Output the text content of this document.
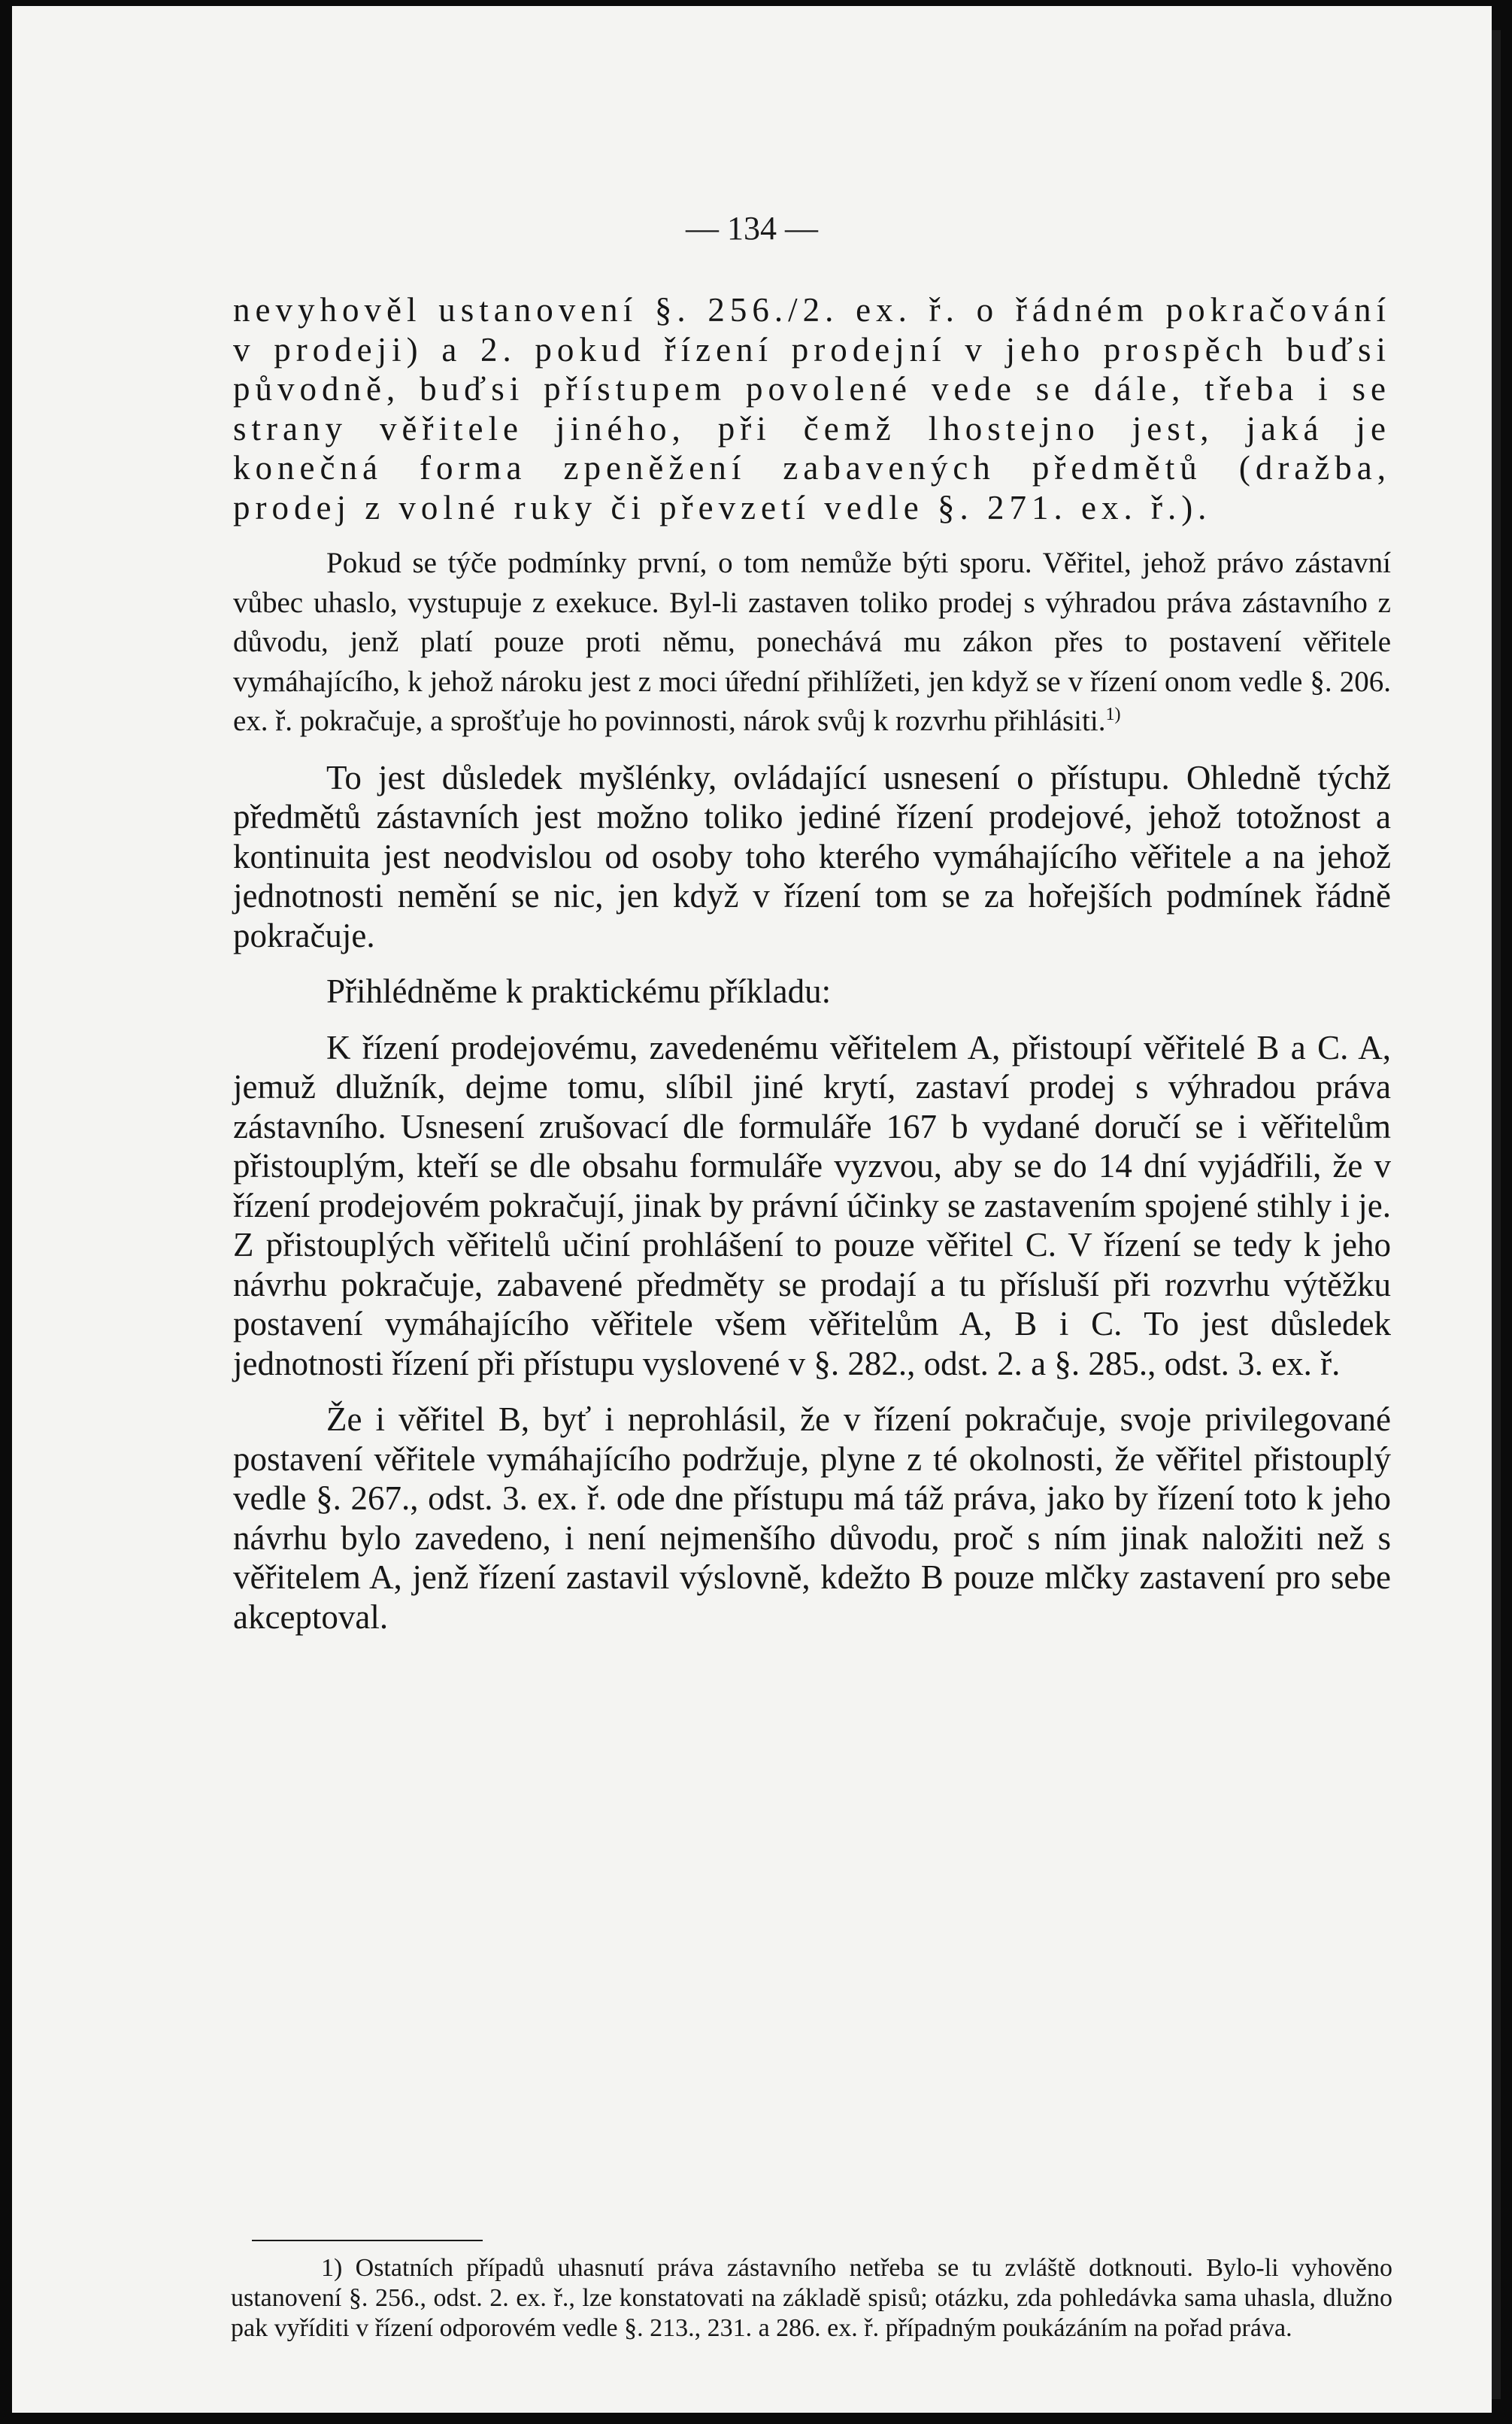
— 134 —

nevyhověl ustanovení §. 256./2. ex. ř. o řádném pokračování v prodeji) a 2. pokud řízení prodejní v jeho prospěch buďsi původně, buďsi přístupem povolené vede se dále, třeba i se strany věřitele jiného, při čemž lhostejno jest, jaká je konečná forma zpeněžení zabavených předmětů (dražba, prodej z volné ruky či převzetí vedle §. 271. ex. ř.).

Pokud se týče podmínky první, o tom nemůže býti sporu. Věřitel, jehož právo zástavní vůbec uhaslo, vystupuje z exekuce. Byl-li zastaven toliko prodej s výhradou práva zástavního z důvodu, jenž platí pouze proti němu, ponechává mu zákon přes to postavení věřitele vymáhajícího, k jehož nároku jest z moci úřední přihlížeti, jen když se v řízení onom vedle §. 206. ex. ř. pokračuje, a sprošťuje ho povinnosti, nárok svůj k rozvrhu přihlásiti.$^{1)}$

To jest důsledek myšlénky, ovládající usnesení o přístupu. Ohledně týchž předmětů zástavních jest možno toliko jediné řízení prodejové, jehož totožnost a kontinuita jest neodvislou od osoby toho kterého vymáhajícího věřitele a na jehož jednotnosti nemění se nic, jen když v řízení tom se za hořejších podmínek řádně pokračuje.

Přihlédněme k praktickému příkladu:

K řízení prodejovému, zavedenému věřitelem A, přistoupí věřitelé B a C. A, jemuž dlužník, dejme tomu, slíbil jiné krytí, zastaví prodej s výhradou práva zástavního. Usnesení zrušovací dle formuláře 167 b vydané doručí se i věřitelům přistouplým, kteří se dle obsahu formuláře vyzvou, aby se do 14 dní vyjádřili, že v řízení prodejovém pokračují, jinak by právní účinky se zastavením spojené stihly i je. Z přistouplých věřitelů učiní prohlášení to pouze věřitel C. V řízení se tedy k jeho návrhu pokračuje, zabavené předměty se prodají a tu přísluší při rozvrhu výtěžku postavení vymáhajícího věřitele všem věřitelům A, B i C. To jest důsledek jednotnosti řízení při přístupu vyslovené v §. 282., odst. 2. a §. 285., odst. 3. ex. ř.

Že i věřitel B, byť i neprohlásil, že v řízení pokračuje, svoje privilegované postavení věřitele vymáhajícího podržuje, plyne z té okolnosti, že věřitel přistouplý vedle §. 267., odst. 3. ex. ř. ode dne přístupu má táž práva, jako by řízení toto k jeho návrhu bylo zavedeno, i není nejmenšího důvodu, proč s ním jinak naložiti než s věřitelem A, jenž řízení zastavil výslovně, kdežto B pouze mlčky zastavení pro sebe akceptoval.

1) Ostatních případů uhasnutí práva zástavního netřeba se tu zvláště dotknouti. Bylo-li vyhověno ustanovení §. 256., odst. 2. ex. ř., lze konstatovati na základě spisů; otázku, zda pohledávka sama uhasla, dlužno pak vyříditi v řízení odporovém vedle §. 213., 231. a 286. ex. ř. případným poukázáním na pořad práva.
